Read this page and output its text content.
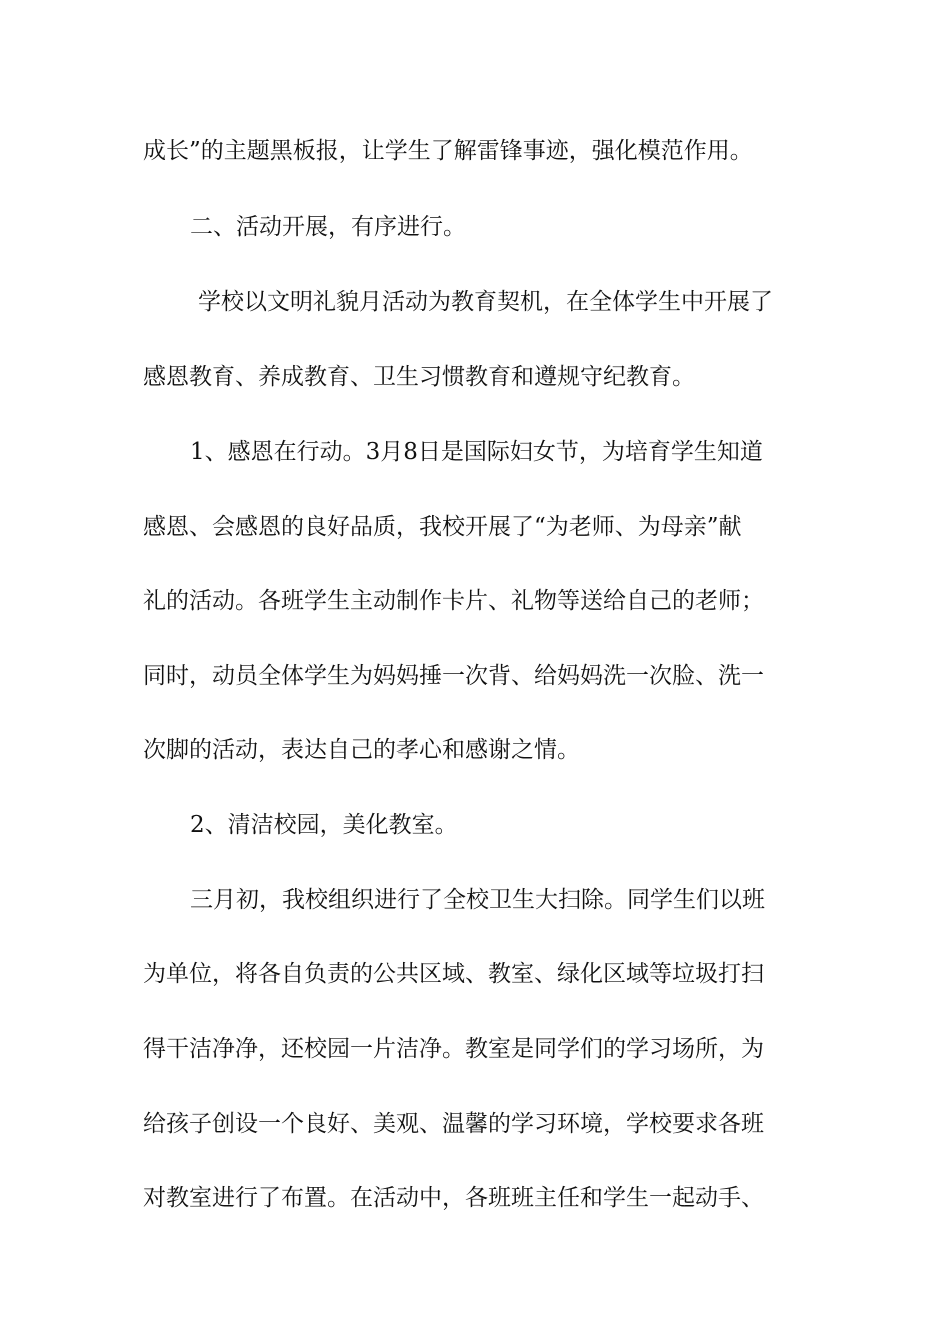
成长”的主题黑板报，让学生了解雷锋事迹，强化模范作用。
二、活动开展，有序进行。
学校以文明礼貌月活动为教育契机，在全体学生中开展了
感恩教育、养成教育、卫生习惯教育和遵规守纪教育。
1、感恩在行动。3月8日是国际妇女节，为培育学生知道
感恩、会感恩的良好品质，我校开展了“为老师、为母亲”献
礼的活动。各班学生主动制作卡片、礼物等送给自己的老师；
同时，动员全体学生为妈妈捶一次背、给妈妈洗一次脸、洗一
次脚的活动，表达自己的孝心和感谢之情。
2、清洁校园，美化教室。
三月初，我校组织进行了全校卫生大扫除。同学生们以班
为单位，将各自负责的公共区域、教室、绿化区域等垃圾打扫
得干洁净净，还校园一片洁净。教室是同学们的学习场所，为
给孩子创设一个良好、美观、温馨的学习环境，学校要求各班
对教室进行了布置。在活动中，各班班主任和学生一起动手、
